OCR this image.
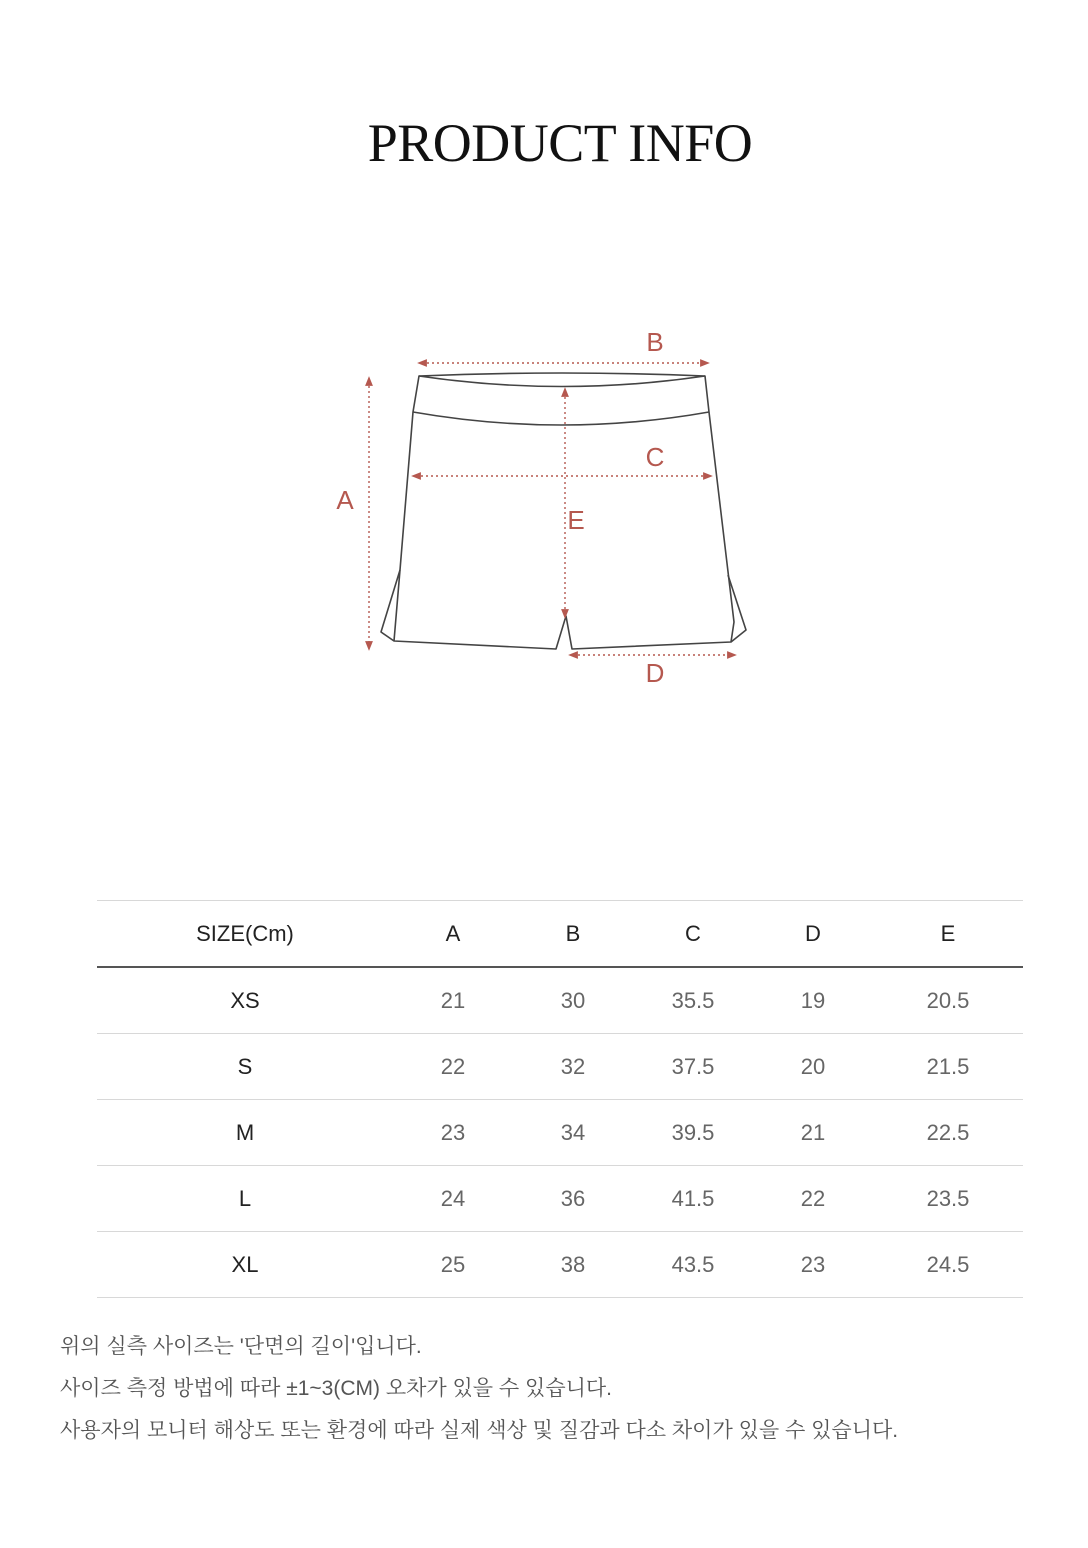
PRODUCT INFO
A
B
C
D
E
SIZE(Cm)	A	B	C	D	E
XS	21	30	35.5	19	20.5
S	22	32	37.5	20	21.5
M	23	34	39.5	21	22.5
L	24	36	41.5	22	23.5
XL	25	38	43.5	23	24.5
위의 실측 사이즈는 '단면의 길이'입니다.
사이즈 측정 방법에 따라 ±1~3(CM) 오차가 있을 수 있습니다.
사용자의 모니터 해상도 또는 환경에 따라 실제 색상 및 질감과 다소 차이가 있을 수 있습니다.
